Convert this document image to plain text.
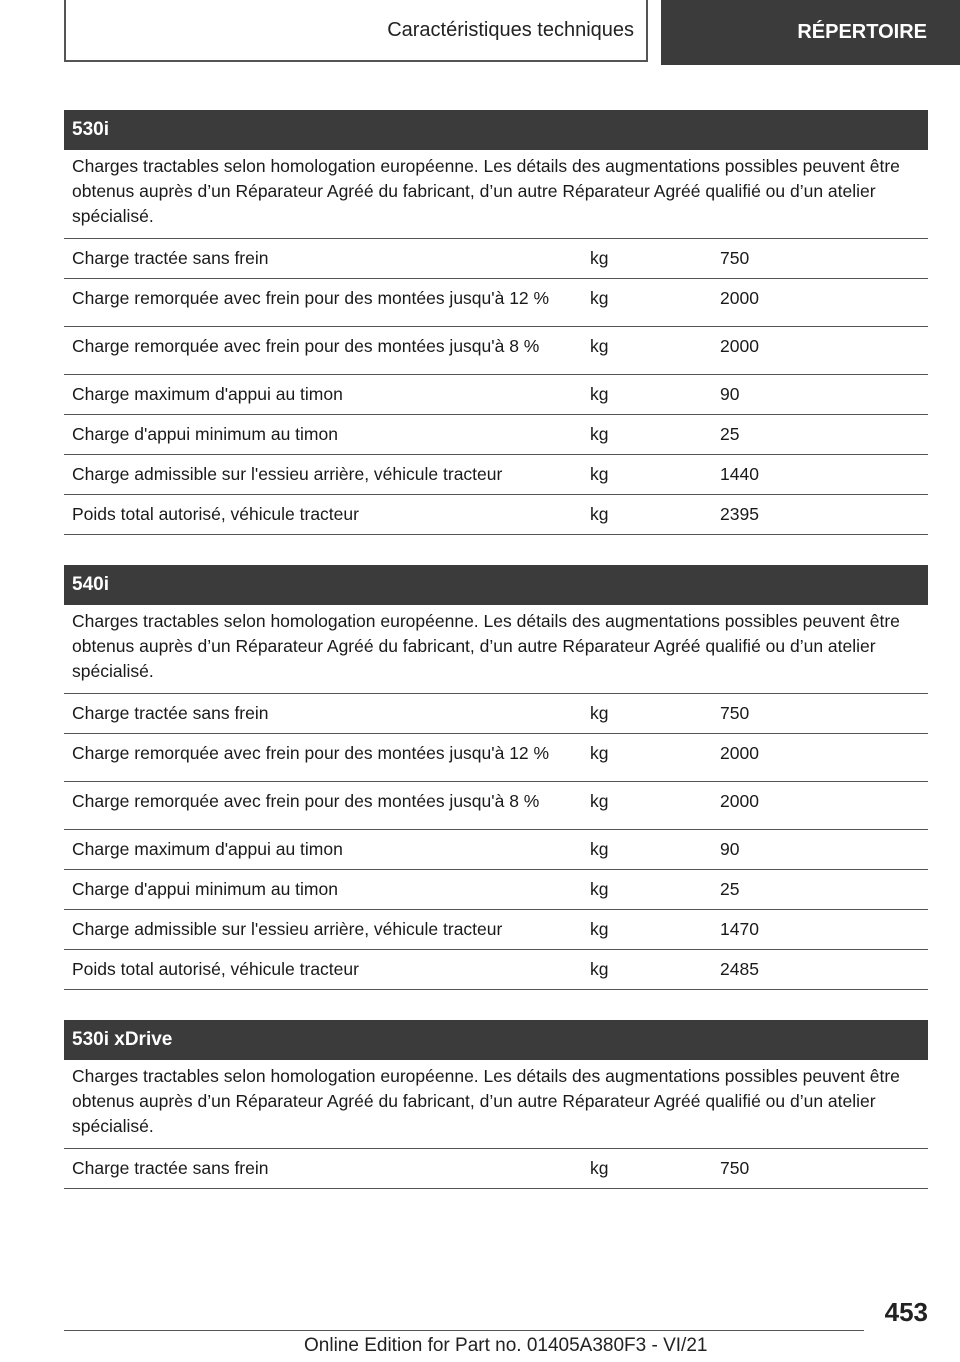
Caractéristiques techniques	RÉPERTOIRE
530i
Charges tractables selon homologation européenne. Les détails des augmentations possibles peuvent être obtenus auprès d’un Réparateur Agréé du fabricant, d’un autre Réparateur Agréé qualifié ou d’un atelier spécialisé.
Charge tractée sans frein	kg	750
Charge remorquée avec frein pour des montées jusqu'à 12 %	kg	2000
Charge remorquée avec frein pour des montées jusqu'à 8 %	kg	2000
Charge maximum d'appui au timon	kg	90
Charge d'appui minimum au timon	kg	25
Charge admissible sur l'essieu arrière, véhicule tracteur	kg	1440
Poids total autorisé, véhicule tracteur	kg	2395
540i
Charges tractables selon homologation européenne. Les détails des augmentations possibles peuvent être obtenus auprès d’un Réparateur Agréé du fabricant, d’un autre Réparateur Agréé qualifié ou d’un atelier spécialisé.
Charge tractée sans frein	kg	750
Charge remorquée avec frein pour des montées jusqu'à 12 %	kg	2000
Charge remorquée avec frein pour des montées jusqu'à 8 %	kg	2000
Charge maximum d'appui au timon	kg	90
Charge d'appui minimum au timon	kg	25
Charge admissible sur l'essieu arrière, véhicule tracteur	kg	1470
Poids total autorisé, véhicule tracteur	kg	2485
530i xDrive
Charges tractables selon homologation européenne. Les détails des augmentations possibles peuvent être obtenus auprès d’un Réparateur Agréé du fabricant, d’un autre Réparateur Agréé qualifié ou d’un atelier spécialisé.
Charge tractée sans frein	kg	750
453
Online Edition for Part no. 01405A380F3 - VI/21
